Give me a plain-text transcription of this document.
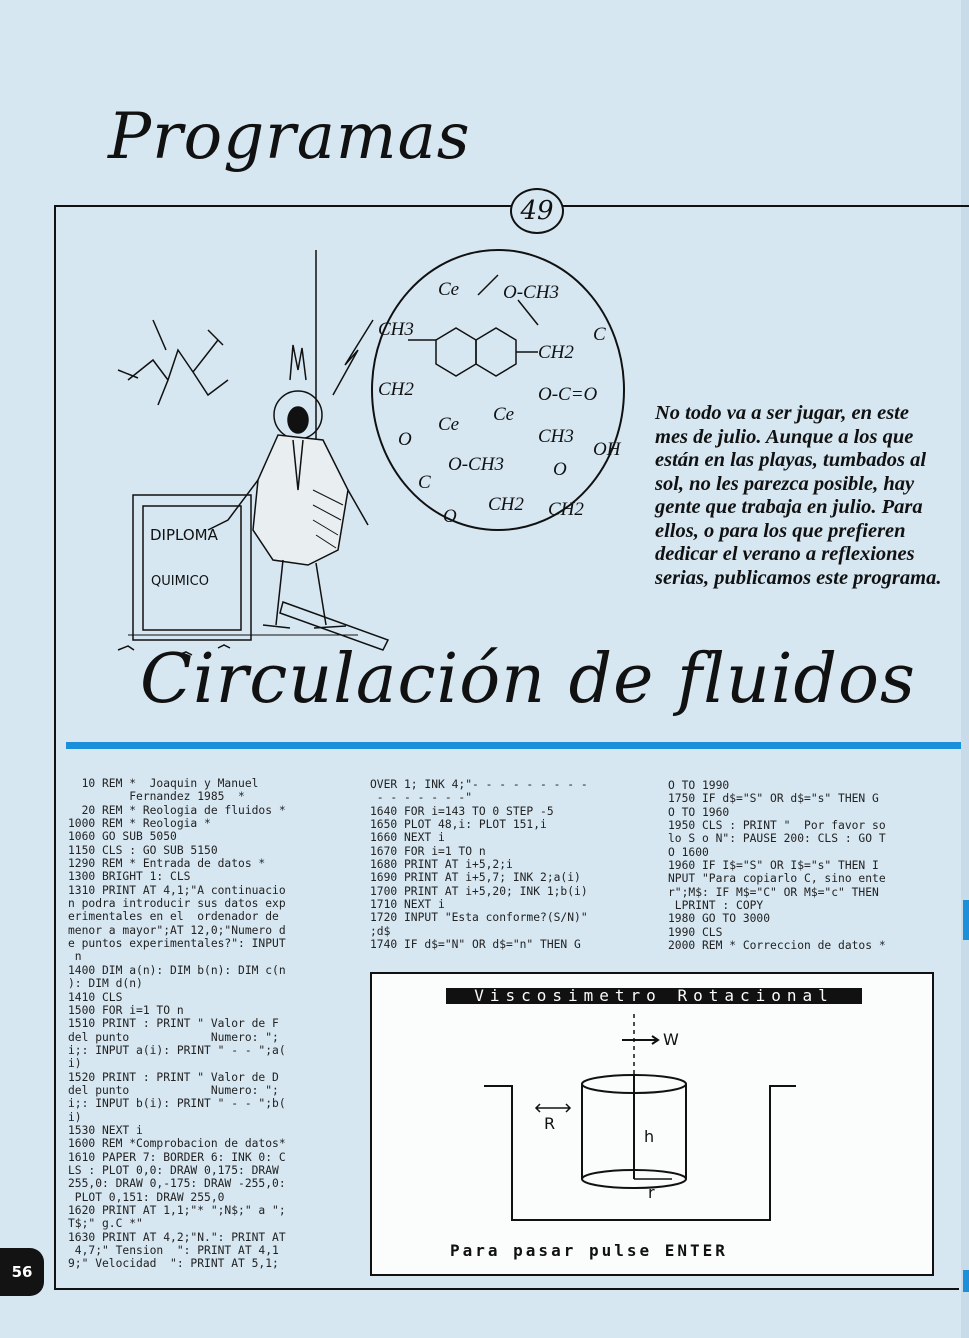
Programas
49
CH3
Ce O-CH3
CH2
C
CH2
O
Ce Ce
O-C=O
CH3
OH
C
O-CH3	O
CH2 CH2
O
DIPLOMA
QUIMICO

No todo va a ser jugar, en este mes de julio. Aunque a los que están en las playas, tumbados al sol, no les parezca posible, hay gente que trabaja en julio. Para ellos, o para los que prefieren dedicar el verano a reflexiones serias, publicamos este programa.

Circulación de fluidos
10 REM *  Joaquin y Manuel
Fernandez 1985  *
20 REM * Reologia de fluidos *
1000 REM * Reologia *
1060 GO SUB 5050
1150 CLS : GO SUB 5150
1290 REM * Entrada de datos *
1300 BRIGHT 1: CLS
1310 PRINT AT 4,1;"A continuacio
n podra introducir sus datos exp
erimentales en el  ordenador de
menor a mayor";AT 12,0;"Numero d
e puntos experimentales?": INPUT
n
1400 DIM a(n): DIM b(n): DIM c(n
): DIM d(n)
1410 CLS
1500 FOR i=1 TO n
1510 PRINT : PRINT " Valor de F
del punto            Numero: ";
i;: INPUT a(i): PRINT " - - ";a(
i)
1520 PRINT : PRINT " Valor de D
del punto            Numero: ";
i;: INPUT b(i): PRINT " - - ";b(
i)
1530 NEXT i
1600 REM *Comprobacion de datos*
1610 PAPER 7: BORDER 6: INK 0: C
LS : PLOT 0,0: DRAW 0,175: DRAW
255,0: DRAW 0,-175: DRAW -255,0:
PLOT 0,151: DRAW 255,0
1620 PRINT AT 1,1;"* ";N$;" a ";
T$;" g.C *"
1630 PRINT AT 4,2;"N.": PRINT AT
4,7;" Tension  ": PRINT AT 4,1
9;" Velocidad  ": PRINT AT 5,1;
OVER 1; INK 4;"- - - - - - - - -
- - - - - - -"
1640 FOR i=143 TO 0 STEP -5
1650 PLOT 48,i: PLOT 151,i
1660 NEXT i
1670 FOR i=1 TO n
1680 PRINT AT i+5,2;i
1690 PRINT AT i+5,7; INK 2;a(i)
1700 PRINT AT i+5,20; INK 1;b(i)
1710 NEXT i
1720 INPUT "Esta conforme?(S/N)"
;d$
1740 IF d$="N" OR d$="n" THEN G
O TO 1990
1750 IF d$="S" OR d$="s" THEN G
O TO 1960
1950 CLS : PRINT "  Por favor so
lo S o N": PAUSE 200: CLS : GO T
O 1600
1960 IF I$="S" OR I$="s" THEN I
NPUT "Para copiarlo C, sino ente
r";M$: IF M$="C" OR M$="c" THEN
LPRINT : COPY
1980 GO TO 3000
1990 CLS
2000 REM * Correccion de datos *
Viscosimetro Rotacional
W
R
h
r
Para pasar pulse ENTER
56
